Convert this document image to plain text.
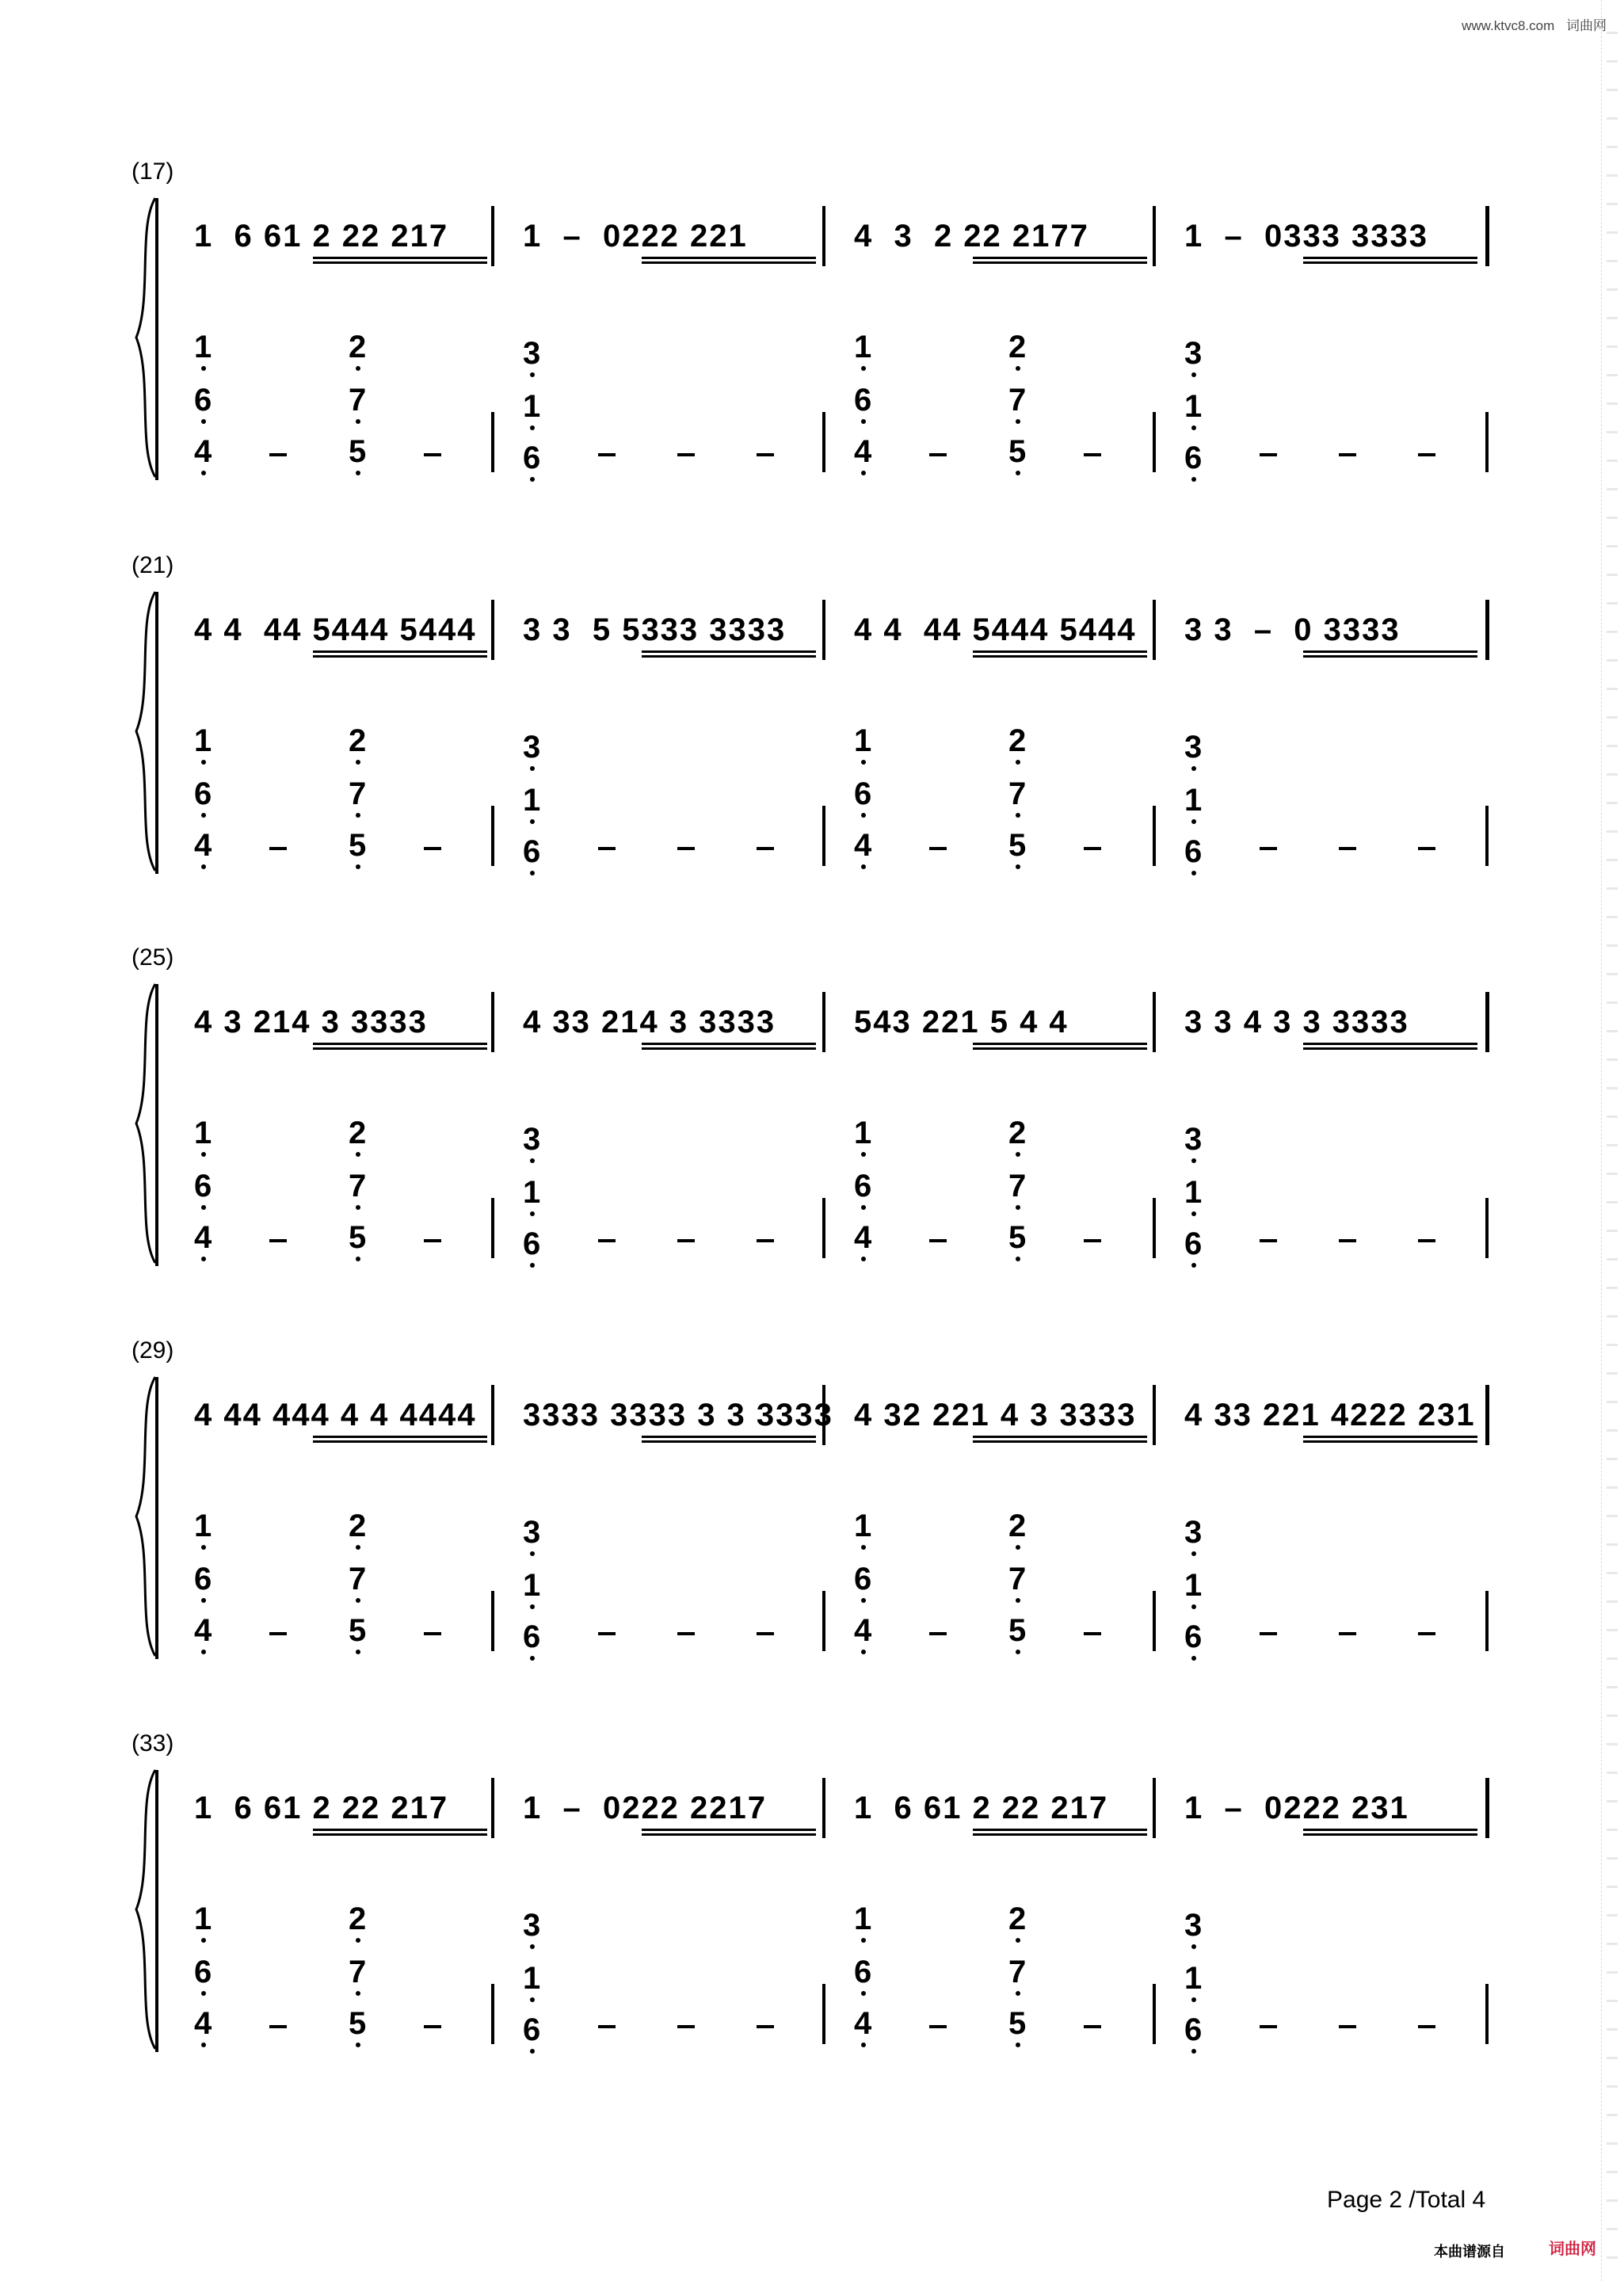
www.ktvc8.com 词曲网
(17)
1  6 61 2 22 217 1  –  0222 221	4  3  2 22 2177	1  –  0333 3333
1
6
4
2
7
5
3
1
6
1
6
4
2
7
5
3
1
6
(21)
4 4  44 5444 5444 3 3  5 5333 3333 4 4  44 5444 5444 3 3  –  0 3333
1
6
4
2
7
5
3
1
6
1
6
4
2
7
5
3
1
6
(25)
4 3 214 3 3333	4 33 214 3 3333 543 221 5 4 4	3 3 4 3 3 3333
1
6
4
2
7
5
3
1
6
1
6
4
2
7
5
3
1
6
(29)
4 44 444 4 4 4444 3333 3333 3 3 3333 4 32 221 4 3 3333 4 33 221 4222 231
1
6
4
2
7
5
3
1
6
1
6
4
2
7
5
3
1
6
(33)
1  6 61 2 22 217 1  –  0222 2217	1  6 61 2 22 217 1  –  0222 231
1
6
4
2
7
5
3
1
6
1
6
4
2
7
5
3
1
6
Page 2 /Total 4
本曲谱源自	词曲网
